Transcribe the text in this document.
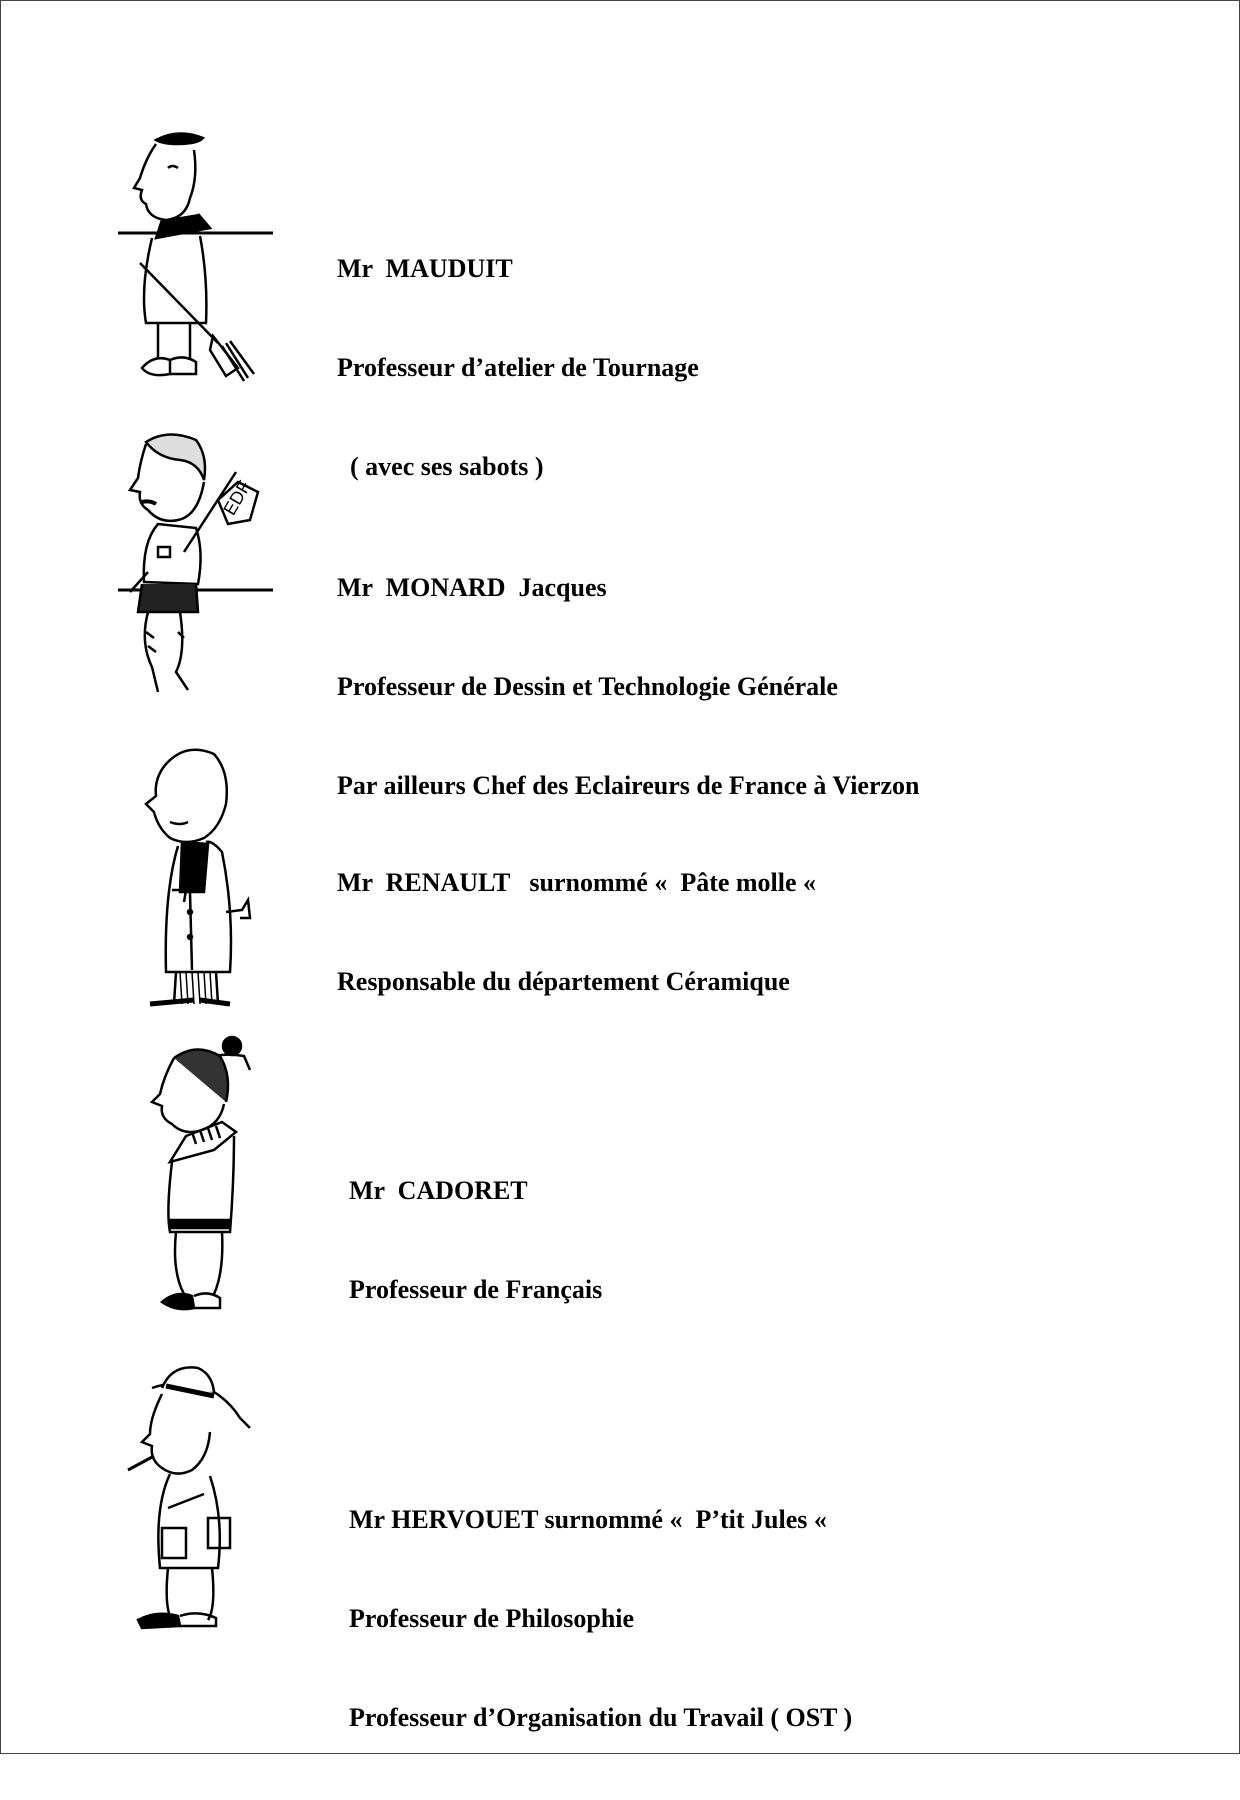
Mr  MAUDUIT

Professeur d’atelier de Tournage

( avec ses sabots )

EDF

Mr  MONARD  Jacques

Professeur de Dessin et Technologie Générale

Par ailleurs Chef des Eclaireurs de France à Vierzon

Mr  RENAULT   surnommé «  Pâte molle «

Responsable du département Céramique

Mr  CADORET

Professeur de Français

Mr HERVOUET surnommé «  P’tit Jules «

Professeur de Philosophie

Professeur d’Organisation du Travail ( OST )
